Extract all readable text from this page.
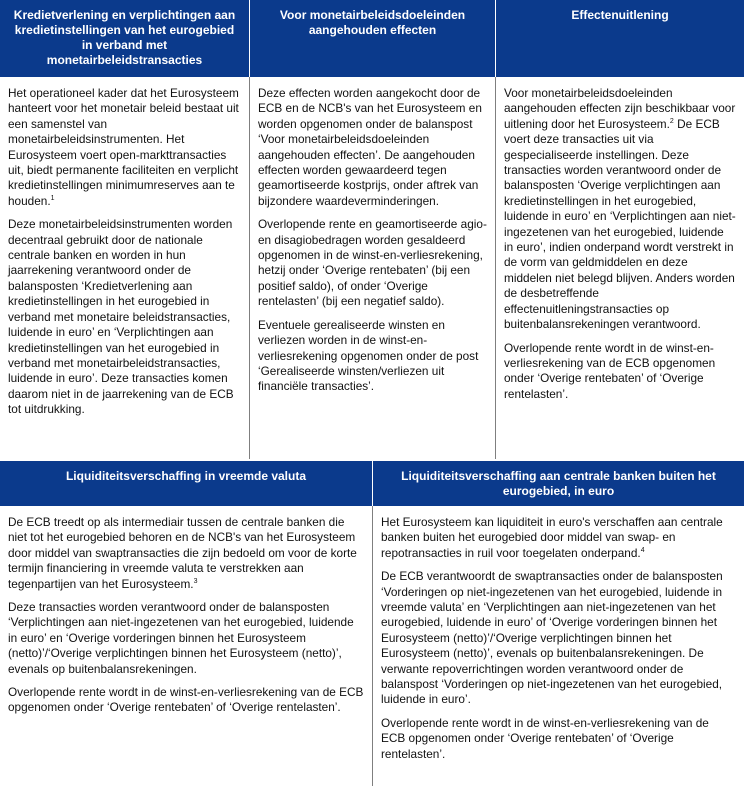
Kredietverlening en verplichtingen aan kredietinstellingen van het eurogebied in verband met monetairbeleidstransacties
Voor monetairbeleidsdoeleinden aangehouden effecten
Effectenuitlening

Het operationeel kader dat het Eurosysteem hanteert voor het monetair beleid bestaat uit een samenstel van monetairbeleidsinstrumenten. Het Eurosysteem voert open-markttransacties uit, biedt permanente faciliteiten en verplicht kredietinstellingen minimumreserves aan te houden.$^1$

Deze monetairbeleidsinstrumenten worden decentraal gebruikt door de nationale centrale banken en worden in hun jaarrekening verantwoord onder de balansposten ‘Kredietverlening aan kredietinstellingen in het eurogebied in verband met monetaire beleidstransacties, luidende in euro’ en ‘Verplichtingen aan kredietinstellingen van het eurogebied in verband met monetairbeleidstransacties, luidende in euro’. Deze transacties komen daarom niet in de jaarrekening van de ECB tot uitdrukking.

Deze effecten worden aangekocht door de ECB en de NCB's van het Eurosysteem en worden opgenomen onder de balanspost ‘Voor monetairbeleidsdoeleinden aangehouden effecten’. De aangehouden effecten worden gewaardeerd tegen geamortiseerde kostprijs, onder aftrek van bijzondere waardeverminderingen.

Overlopende rente en geamortiseerde agio- en disagiobedragen worden gesaldeerd opgenomen in de winst-en-verliesrekening, hetzij onder ‘Overige rentebaten’ (bij een positief saldo), of onder ‘Overige rentelasten’ (bij een negatief saldo).

Eventuele gerealiseerde winsten en verliezen worden in de winst-en-verliesrekening opgenomen onder de post ‘Gerealiseerde winsten/verliezen uit financiële transacties’.

Voor monetairbeleidsdoeleinden aangehouden effecten zijn beschikbaar voor uitlening door het Eurosysteem.$^2$ De ECB voert deze transacties uit via gespecialiseerde instellingen. Deze transacties worden verantwoord onder de balansposten ‘Overige verplichtingen aan kredietinstellingen in het eurogebied, luidende in euro’ en ‘Verplichtingen aan niet-ingezetenen van het eurogebied, luidende in euro’, indien onderpand wordt verstrekt in de vorm van geldmiddelen en deze middelen niet belegd blijven. Anders worden de desbetreffende effectenuitleningstransacties op buitenbalansrekeningen verantwoord.

Overlopende rente wordt in de winst-en-verliesrekening van de ECB opgenomen onder ‘Overige rentebaten’ of ‘Overige rentelasten’.

Liquiditeitsverschaffing in vreemde valuta	Liquiditeitsverschaffing aan centrale banken buiten het eurogebied, in euro

De ECB treedt op als intermediair tussen de centrale banken die niet tot het eurogebied behoren en de NCB's van het Eurosysteem door middel van swaptransacties die zijn bedoeld om voor de korte termijn financiering in vreemde valuta te verstrekken aan tegenpartijen van het Eurosysteem.$^3$

Deze transacties worden verantwoord onder de balansposten ‘Verplichtingen aan niet-ingezetenen van het eurogebied, luidende in euro’ en ‘Overige vorderingen binnen het Eurosysteem (netto)’/‘Overige verplichtingen binnen het Eurosysteem (netto)’, evenals op buitenbalansrekeningen.

Overlopende rente wordt in de winst-en-verliesrekening van de ECB opgenomen onder ‘Overige rentebaten’ of ‘Overige rentelasten’.

Het Eurosysteem kan liquiditeit in euro's verschaffen aan centrale banken buiten het eurogebied door middel van swap- en repotransacties in ruil voor toegelaten onderpand.$^4$

De ECB verantwoordt de swaptransacties onder de balansposten ‘Vorderingen op niet-ingezetenen van het eurogebied, luidende in vreemde valuta’ en ‘Verplichtingen aan niet-ingezetenen van het eurogebied, luidende in euro’ of ‘Overige vorderingen binnen het Eurosysteem (netto)’/‘Overige verplichtingen binnen het Eurosysteem (netto)’, evenals op buitenbalansrekeningen. De verwante repoverrichtingen worden verantwoord onder de balanspost ‘Vorderingen op niet-ingezetenen van het eurogebied, luidende in euro’.

Overlopende rente wordt in de winst-en-verliesrekening van de ECB opgenomen onder ‘Overige rentebaten’ of ‘Overige rentelasten’.
